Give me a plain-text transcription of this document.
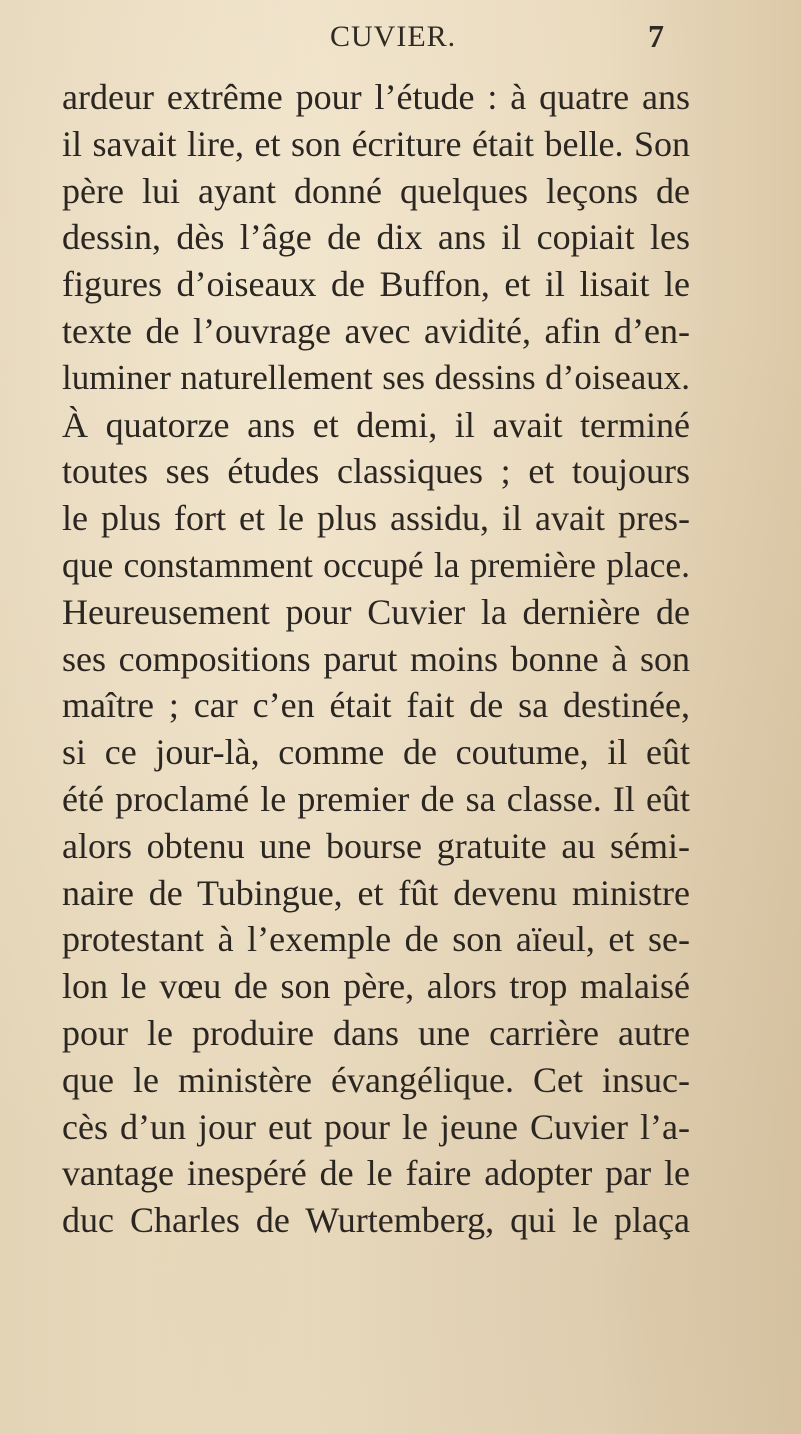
CUVIER.	7
ardeur extrême pour l’étude : à quatre ans
il savait lire, et son écriture était belle. Son
père lui ayant donné quelques leçons de
dessin, dès l’âge de dix ans il copiait les
figures d’oiseaux de Buffon, et il lisait le
texte de l’ouvrage avec avidité, afin d’en-
luminer naturellement ses dessins d’oiseaux.
À quatorze ans et demi, il avait terminé
toutes ses études classiques ; et toujours
le plus fort et le plus assidu, il avait pres-
que constamment occupé la première place.
Heureusement pour Cuvier la dernière de
ses compositions parut moins bonne à son
maître ; car c’en était fait de sa destinée,
si ce jour-là, comme de coutume, il eût
été proclamé le premier de sa classe. Il eût
alors obtenu une bourse gratuite au sémi-
naire de Tubingue, et fût devenu ministre
protestant à l’exemple de son aïeul, et se-
lon le vœu de son père, alors trop malaisé
pour le produire dans une carrière autre
que le ministère évangélique. Cet insuc-
cès d’un jour eut pour le jeune Cuvier l’a-
vantage inespéré de le faire adopter par le
duc Charles de Wurtemberg, qui le plaça
